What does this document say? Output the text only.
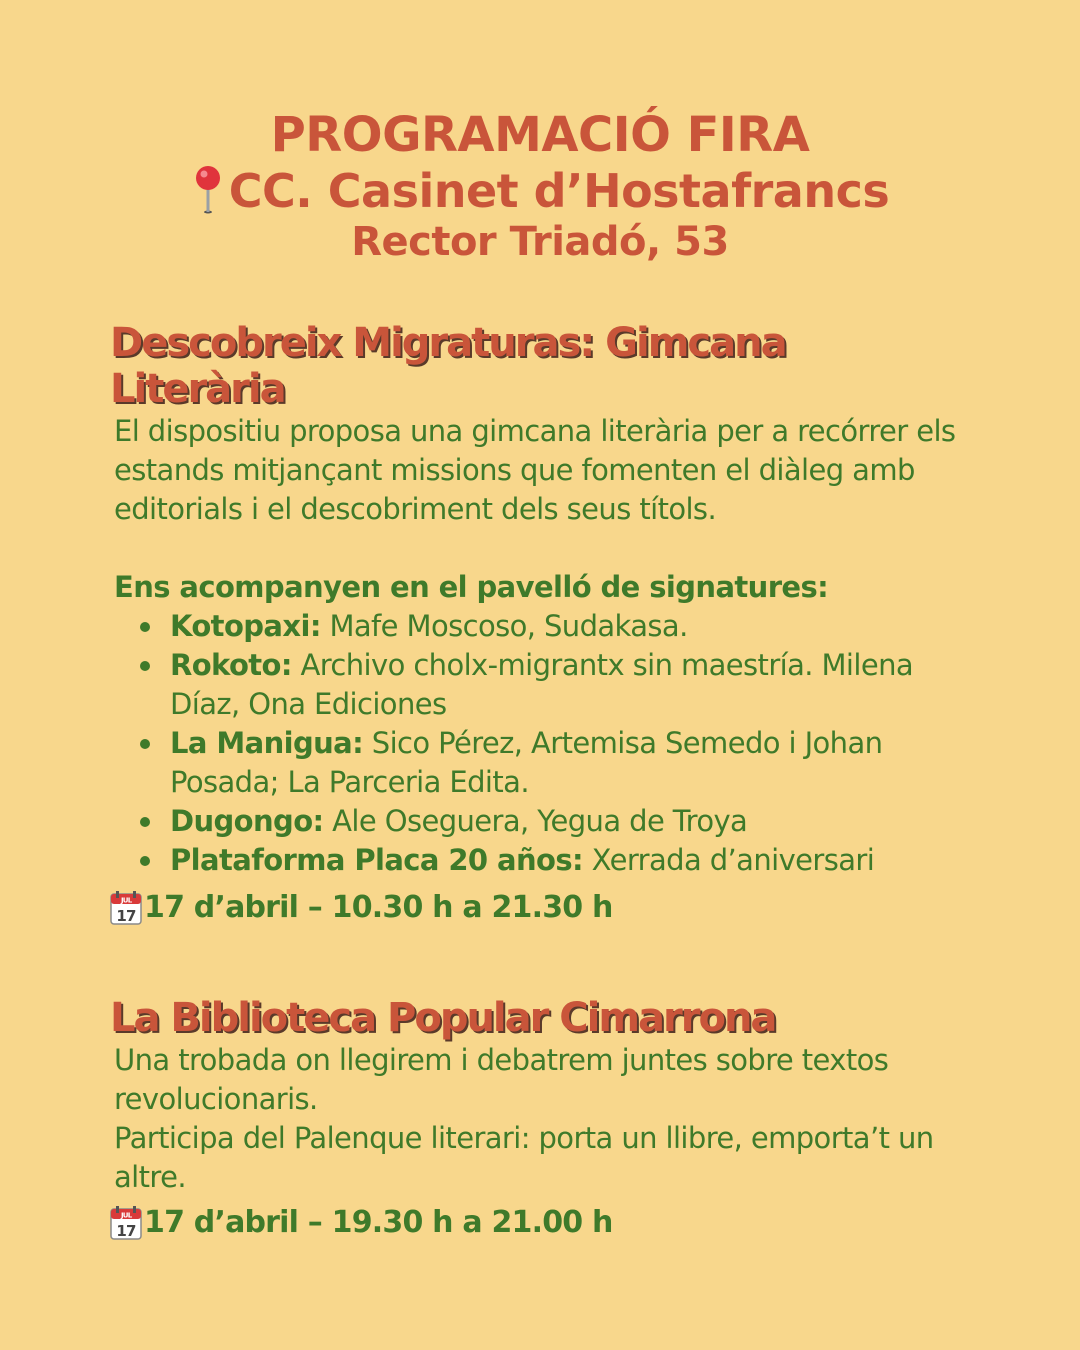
PROGRAMACIÓ FIRA
CC. Casinet d’Hostafrancs
Rector Triadó, 53
Descobreix Migraturas: Gimcana
Literària

El dispositiu proposa una gimcana literària per a recórrer els estands mitjançant missions que fomenten el diàleg amb editorials i el descobriment dels seus títols.

Ens acompanyen en el pavelló de signatures:

Kotopaxi: Mafe Moscoso, Sudakasa.
Rokoto: Archivo cholx-migrantx sin maestría. Milena Díaz, Ona Ediciones
La Manigua: Sico Pérez, Artemisa Semedo i Johan Posada; La Parceria Edita.
Dugongo: Ale Oseguera, Yegua de Troya
Plataforma Placa 20 años: Xerrada d’aniversari
JUL
17 17 d’abril – 10.30 h a 21.30 h
La Biblioteca Popular Cimarrona

Una trobada on llegirem i debatrem juntes sobre textos revolucionaris.

Participa del Palenque literari: porta un llibre, emporta’t un altre.

JUL
17 17 d’abril – 19.30 h a 21.00 h
